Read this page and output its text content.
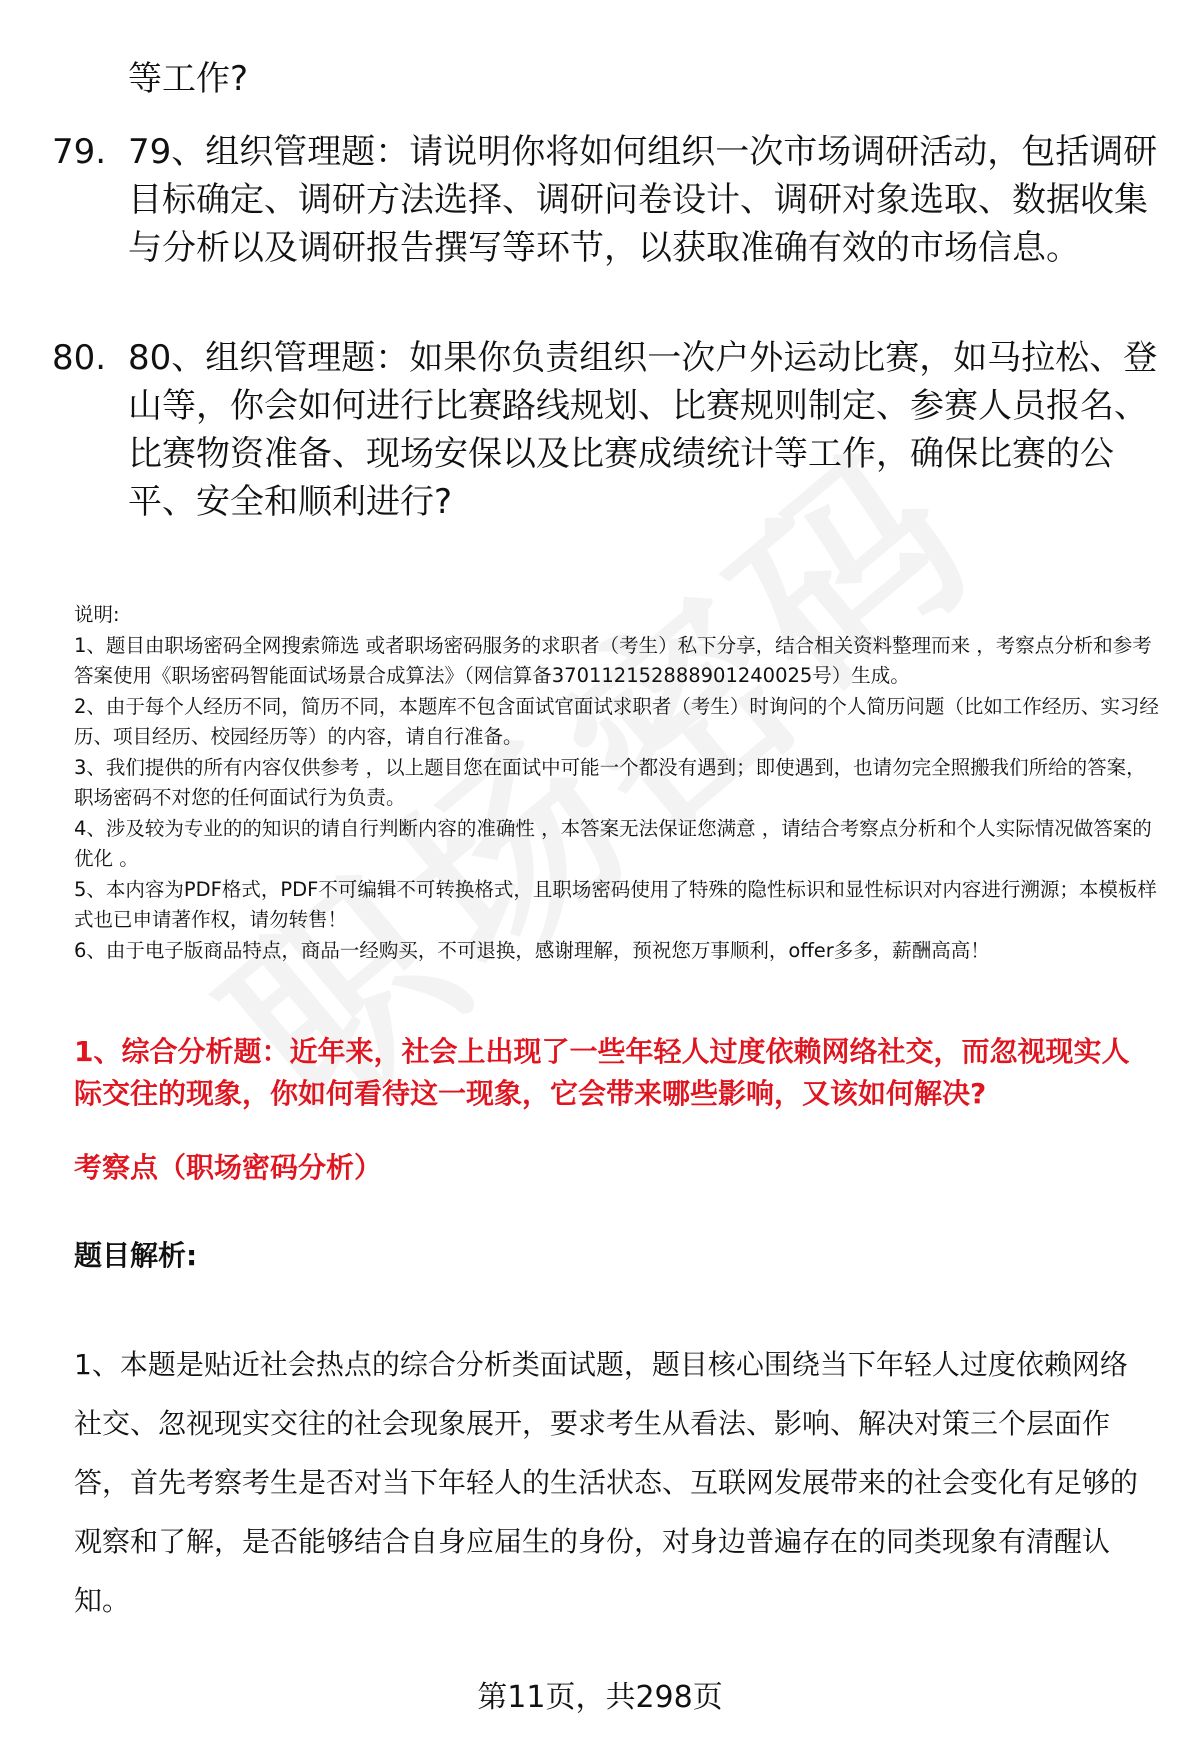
等工作?
79. 79、组织管理题：请说明你将如何组织一次市场调研活动，包括调研目标确定、调研方法选择、调研问卷设计、调研对象选取、数据收集与分析以及调研报告撰写等环节，以获取准确有效的市场信息。
80. 80、组织管理题：如果你负责组织一次户外运动比赛，如马拉松、登山等，你会如何进行比赛路线规划、比赛规则制定、参赛人员报名、比赛物资准备、现场安保以及比赛成绩统计等工作，确保比赛的公平、安全和顺利进行?

说明:

1、题目由职场密码全网搜索筛选 或者职场密码服务的求职者（考生）私下分享，结合相关资料整理而来 ，考察点分析和参考答案使用《职场密码智能面试场景合成算法》（网信算备370112152888901240025号）生成。

2、由于每个人经历不同，简历不同，本题库不包含面试官面试求职者（考生）时询问的个人简历问题（比如工作经历、实习经历、项目经历、校园经历等）的内容，请自行准备。

3、我们提供的所有内容仅供参考 ，以上题目您在面试中可能一个都没有遇到；即使遇到，也请勿完全照搬我们所给的答案，职场密码不对您的任何面试行为负责。

4、涉及较为专业的的知识的请自行判断内容的准确性 ，本答案无法保证您满意 ，请结合考察点分析和个人实际情况做答案的优化 。

5、本内容为PDF格式，PDF不可编辑不可转换格式，且职场密码使用了特殊的隐性标识和显性标识对内容进行溯源；本模板样式也已申请著作权，请勿转售！

6、由于电子版商品特点，商品一经购买，不可退换，感谢理解，预祝您万事顺利，offer多多，薪酬高高！

1、综合分析题：近年来，社会上出现了一些年轻人过度依赖网络社交，而忽视现实人际交往的现象，你如何看待这一现象，它会带来哪些影响，又该如何解决?
考察点（职场密码分析）
题目解析:
1、本题是贴近社会热点的综合分析类面试题，题目核心围绕当下年轻人过度依赖网络社交、忽视现实交往的社会现象展开，要求考生从看法、影响、解决对策三个层面作答，首先考察考生是否对当下年轻人的生活状态、互联网发展带来的社会变化有足够的观察和了解，是否能够结合自身应届生的身份，对身边普遍存在的同类现象有清醒认知。
第11页，共298页
